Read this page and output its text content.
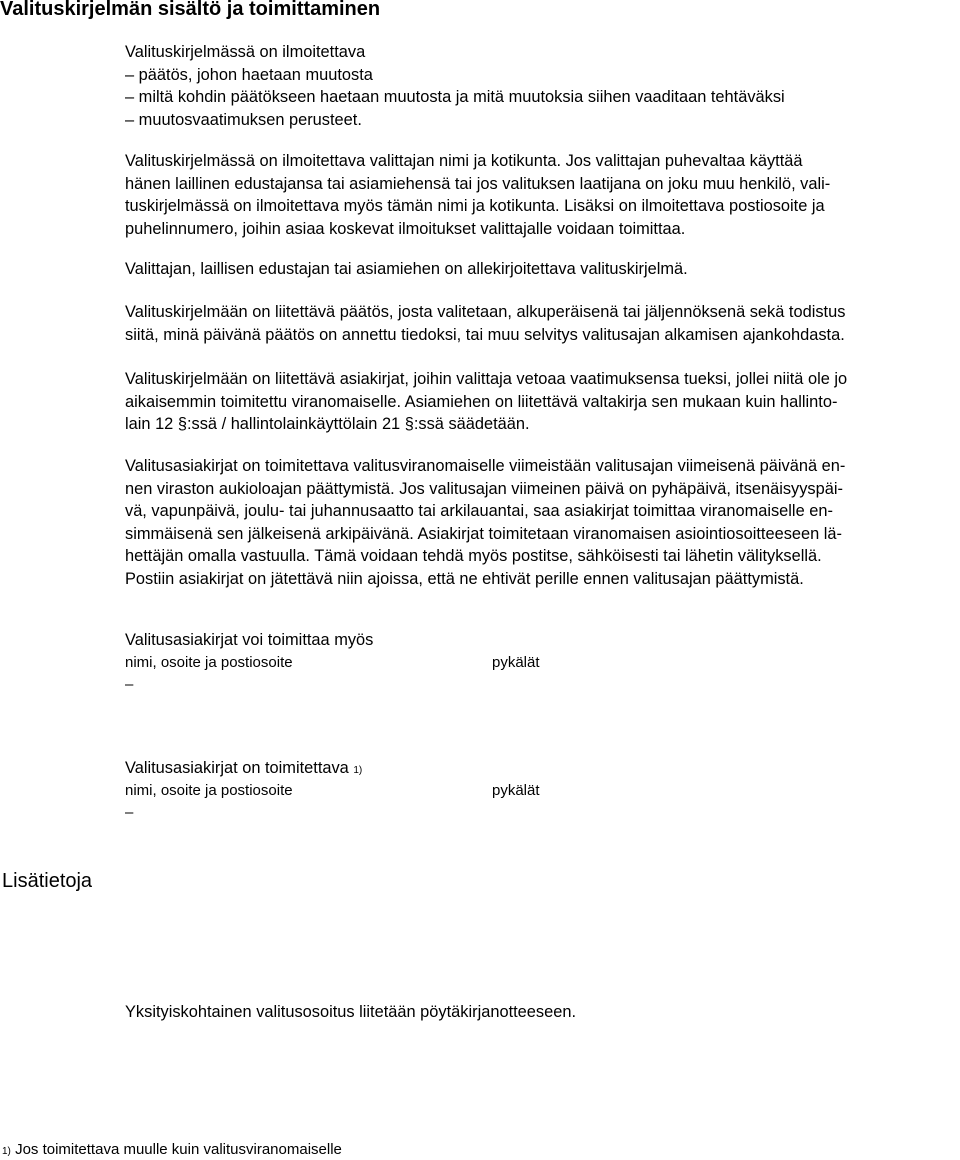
Valituskirjelmän sisältö ja toimittaminen
Valituskirjelmässä on ilmoitettava
– päätös, johon haetaan muutosta
– miltä kohdin päätökseen haetaan muutosta ja mitä muutoksia siihen vaaditaan tehtäväksi
– muutosvaatimuksen perusteet.
Valituskirjelmässä on ilmoitettava valittajan nimi ja kotikunta. Jos valittajan puhevaltaa käyttää
hänen laillinen edustajansa tai asiamiehensä tai jos valituksen laatijana on joku muu henkilö, vali-
tuskirjelmässä on ilmoitettava myös tämän nimi ja kotikunta. Lisäksi on ilmoitettava postiosoite ja
puhelinnumero, joihin asiaa koskevat ilmoitukset valittajalle voidaan toimittaa.
Valittajan, laillisen edustajan tai asiamiehen on allekirjoitettava valituskirjelmä.
Valituskirjelmään on liitettävä päätös, josta valitetaan, alkuperäisenä tai jäljennöksenä sekä todistus
siitä, minä päivänä päätös on annettu tiedoksi, tai muu selvitys valitusajan alkamisen ajankohdasta.
Valituskirjelmään on liitettävä asiakirjat, joihin valittaja vetoaa vaatimuksensa tueksi, jollei niitä ole jo
aikaisemmin toimitettu viranomaiselle. Asiamiehen on liitettävä valtakirja sen mukaan kuin hallinto-
lain 12 §:ssä / hallintolainkäyttölain 21 §:ssä säädetään.
Valitusasiakirjat on toimitettava valitusviranomaiselle viimeistään valitusajan viimeisenä päivänä en-
nen viraston aukioloajan päättymistä. Jos valitusajan viimeinen päivä on pyhäpäivä, itsenäisyyspäi-
vä, vapunpäivä, joulu- tai juhannusaatto tai arkilauantai, saa asiakirjat toimittaa viranomaiselle en-
simmäisenä sen jälkeisenä arkipäivänä. Asiakirjat toimitetaan viranomaisen asiointiosoitteeseen lä-
hettäjän omalla vastuulla. Tämä voidaan tehdä myös postitse, sähköisesti tai lähetin välityksellä.
Postiin asiakirjat on jätettävä niin ajoissa, että ne ehtivät perille ennen valitusajan päättymistä.
Valitusasiakirjat voi toimittaa myös
nimi, osoite ja postiosoite	pykälät
–
Valitusasiakirjat on toimitettava 1)
nimi, osoite ja postiosoite	pykälät
–
Lisätietoja
Yksityiskohtainen valitusosoitus liitetään pöytäkirjanotteeseen.
1) Jos toimitettava muulle kuin valitusviranomaiselle
